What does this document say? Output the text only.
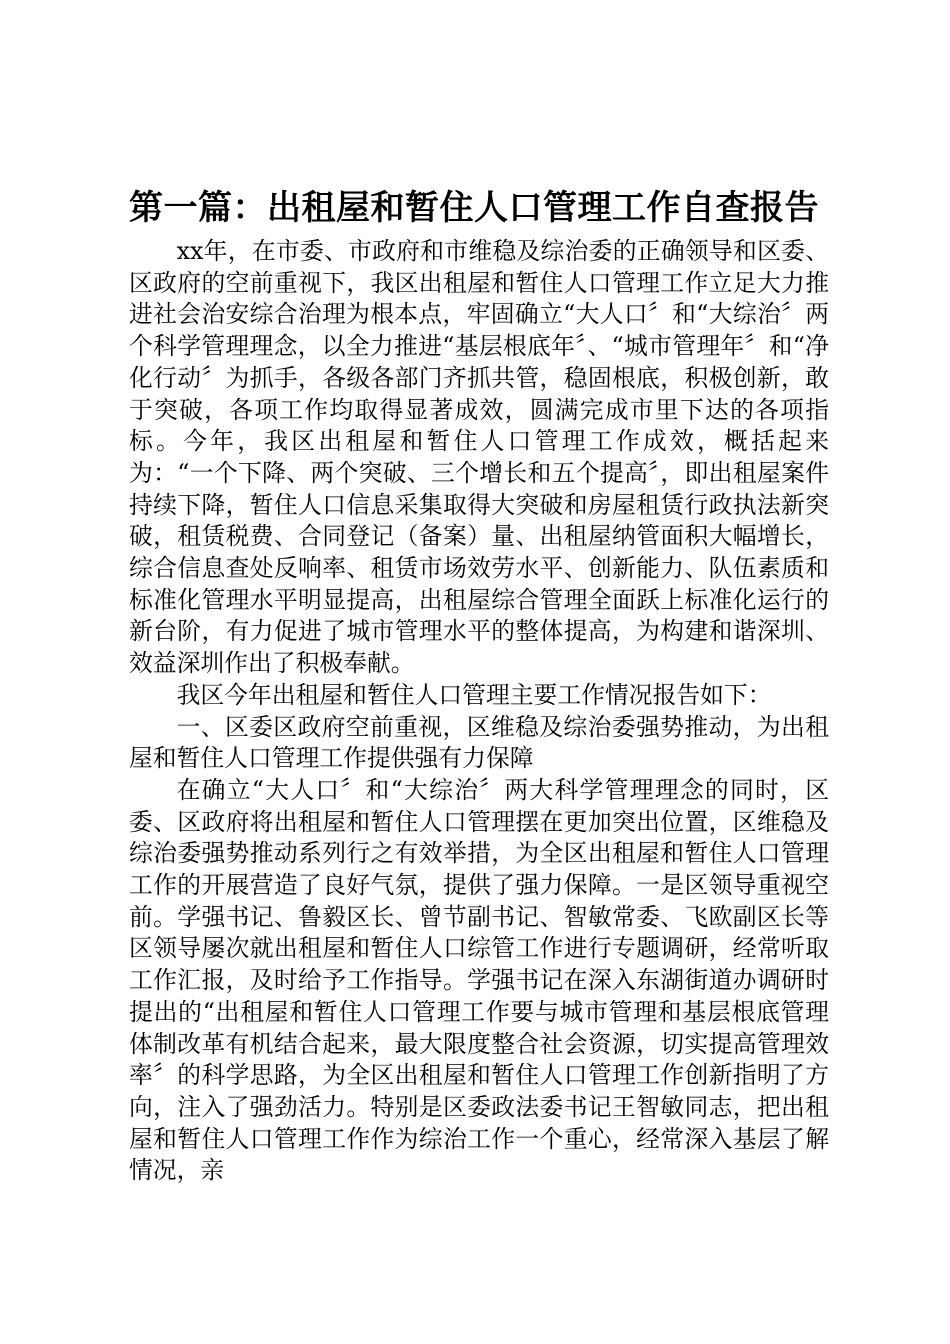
第一篇：出租屋和暂住人口管理工作自查报告

xx年，在市委、市政府和市维稳及综治委的正确领导和区委、区政府的空前重视下，我区出租屋和暂住人口管理工作立足大力推进社会治安综合治理为根本点，牢固确立“大人口〞和“大综治〞两个科学管理理念，以全力推进“基层根底年〞、“城市管理年〞和“净化行动〞为抓手，各级各部门齐抓共管，稳固根底，积极创新，敢于突破，各项工作均取得显著成效，圆满完成市里下达的各项指标。今年，我区出租屋和暂住人口管理工作成效，概括起来为：“一个下降、两个突破、三个增长和五个提高〞，即出租屋案件持续下降，暂住人口信息采集取得大突破和房屋租赁行政执法新突破，租赁税费、合同登记（备案）量、出租屋纳管面积大幅增长，综合信息查处反响率、租赁市场效劳水平、创新能力、队伍素质和标准化管理水平明显提高，出租屋综合管理全面跃上标准化运行的新台阶，有力促进了城市管理水平的整体提高，为构建和谐深圳、效益深圳作出了积极奉献。

我区今年出租屋和暂住人口管理主要工作情况报告如下：

一、区委区政府空前重视，区维稳及综治委强势推动，为出租屋和暂住人口管理工作提供强有力保障

在确立“大人口〞和“大综治〞两大科学管理理念的同时，区委、区政府将出租屋和暂住人口管理摆在更加突出位置，区维稳及综治委强势推动系列行之有效举措，为全区出租屋和暂住人口管理工作的开展营造了良好气氛，提供了强力保障。一是区领导重视空前。学强书记、鲁毅区长、曾节副书记、智敏常委、飞欧副区长等区领导屡次就出租屋和暂住人口综管工作进行专题调研，经常听取工作汇报，及时给予工作指导。学强书记在深入东湖街道办调研时提出的“出租屋和暂住人口管理工作要与城市管理和基层根底管理体制改革有机结合起来，最大限度整合社会资源，切实提高管理效率〞的科学思路，为全区出租屋和暂住人口管理工作创新指明了方向，注入了强劲活力。特别是区委政法委书记王智敏同志，把出租屋和暂住人口管理工作作为综治工作一个重心，经常深入基层了解情况，亲
